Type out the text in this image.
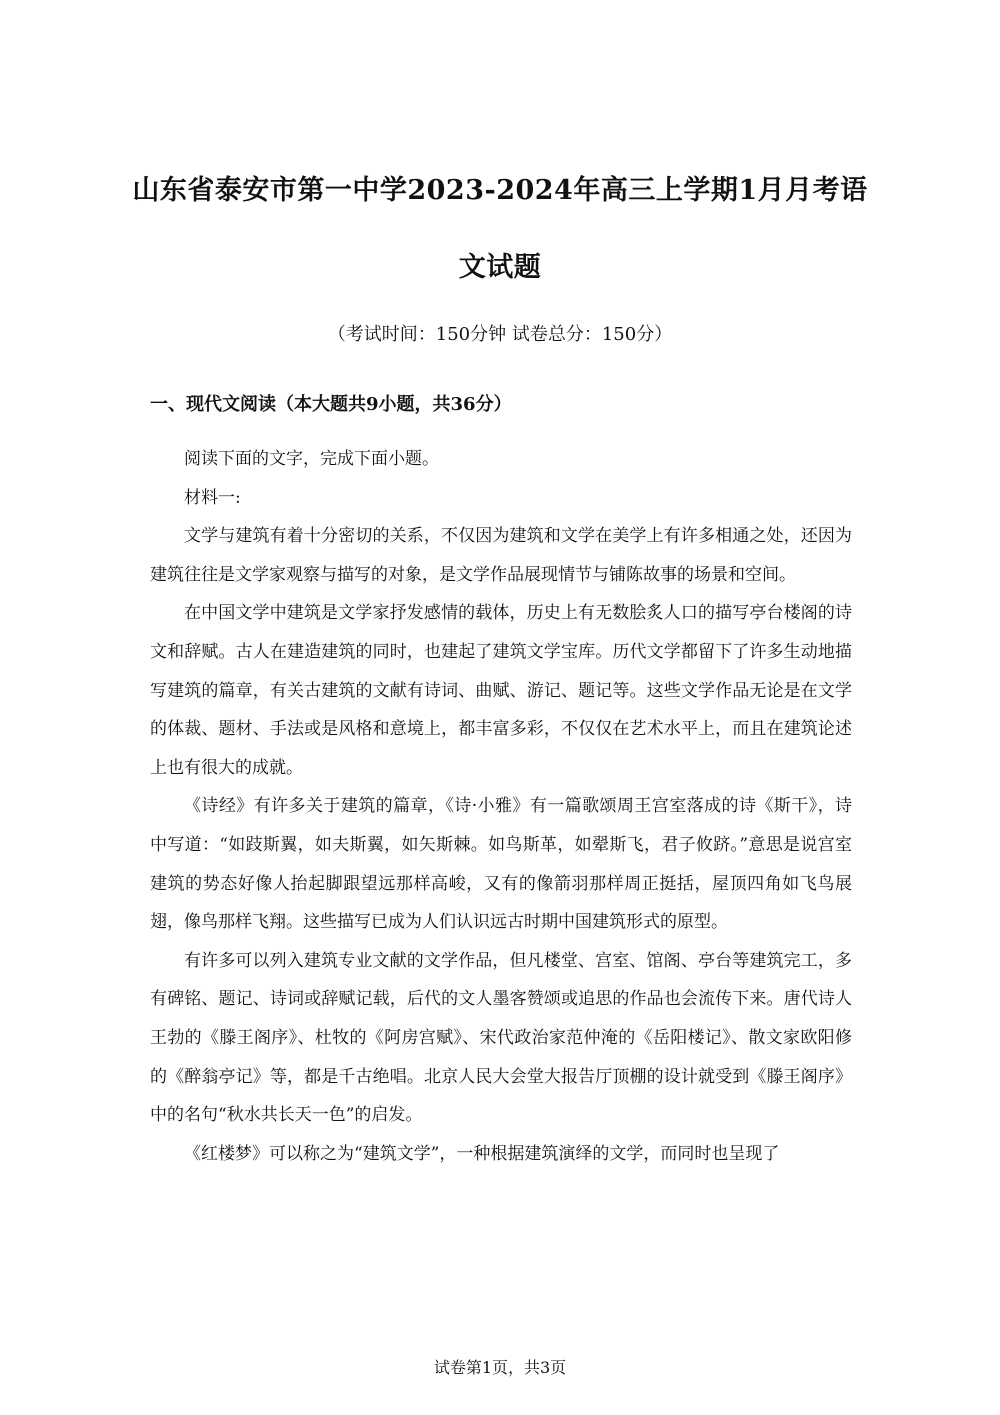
山东省泰安市第一中学2023-2024年高三上学期1月月考语
文试题
（考试时间：150分钟 试卷总分：150分）
一、现代文阅读（本大题共9小题，共36分）

阅读下面的文字，完成下面小题。

材料一:

文学与建筑有着十分密切的关系，不仅因为建筑和文学在美学上有许多相通之处，还因为建筑往往是文学家观察与描写的对象，是文学作品展现情节与铺陈故事的场景和空间。

在中国文学中建筑是文学家抒发感情的载体，历史上有无数脍炙人口的描写亭台楼阁的诗文和辞赋。古人在建造建筑的同时，也建起了建筑文学宝库。历代文学都留下了许多生动地描写建筑的篇章，有关古建筑的文献有诗词、曲赋、游记、题记等。这些文学作品无论是在文学的体裁、题材、手法或是风格和意境上，都丰富多彩，不仅仅在艺术水平上，而且在建筑论述上也有很大的成就。

《诗经》有许多关于建筑的篇章，《诗·小雅》有一篇歌颂周王宫室落成的诗《斯干》，诗中写道：“如跂斯翼，如夫斯翼，如矢斯棘。如鸟斯革，如翚斯飞，君子攸跻。”意思是说宫室建筑的势态好像人抬起脚跟望远那样高峻，又有的像箭羽那样周正挺括，屋顶四角如飞鸟展翅，像鸟那样飞翔。这些描写已成为人们认识远古时期中国建筑形式的原型。

有许多可以列入建筑专业文献的文学作品，但凡楼堂、宫室、馆阁、亭台等建筑完工，多有碑铭、题记、诗词或辞赋记载，后代的文人墨客赞颂或追思的作品也会流传下来。唐代诗人王勃的《滕王阁序》、杜牧的《阿房宫赋》、宋代政治家范仲淹的《岳阳楼记》、散文家欧阳修的《醉翁亭记》等，都是千古绝唱。北京人民大会堂大报告厅顶棚的设计就受到《滕王阁序》中的名句“秋水共长天一色”的启发。

《红楼梦》可以称之为“建筑文学”，一种根据建筑演绎的文学，而同时也呈现了

试卷第1页，共3页
